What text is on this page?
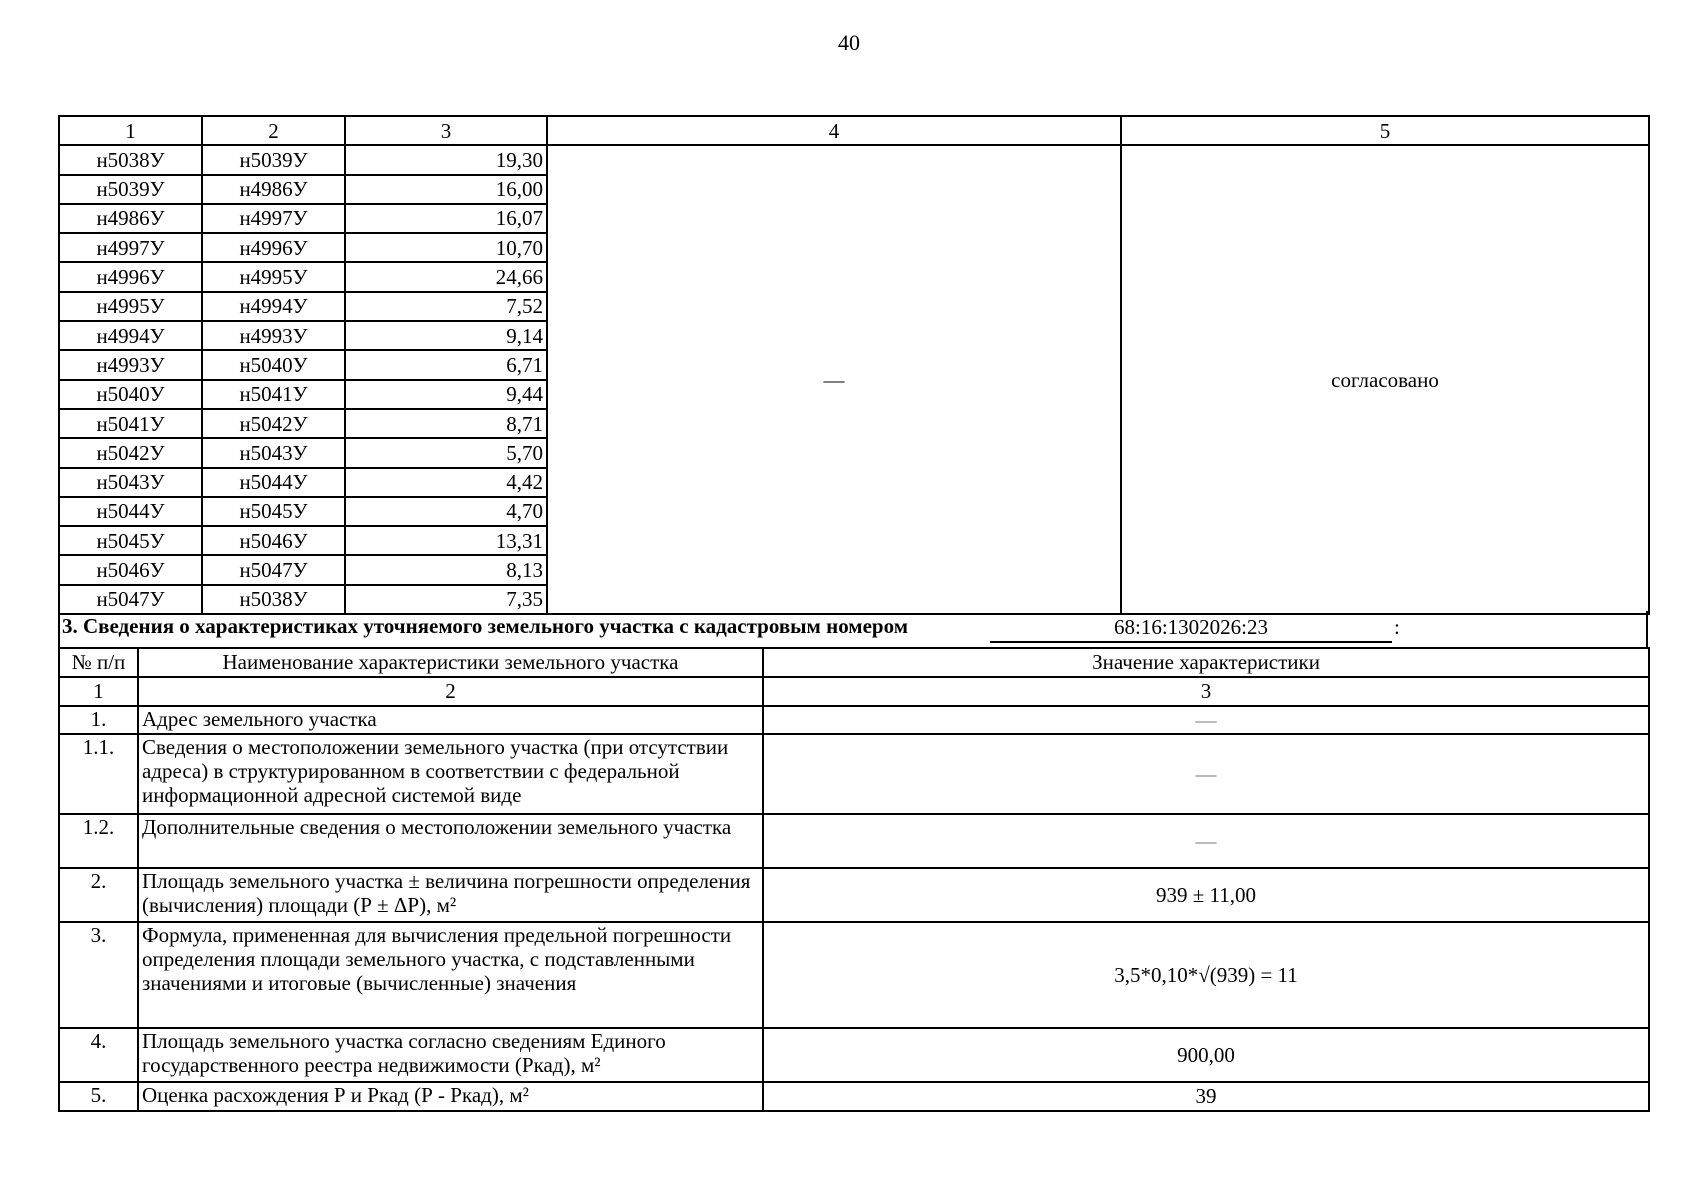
40
1	2	3	4	5
н5038У	н5039У	19,30	—	согласовано
н5039У	н4986У	16,00		
н4986У	н4997У	16,07		
н4997У	н4996У	10,70		
н4996У	н4995У	24,66		
н4995У	н4994У	7,52		
н4994У	н4993У	9,14		
н4993У	н5040У	6,71		
н5040У	н5041У	9,44		
н5041У	н5042У	8,71		
н5042У	н5043У	5,70		
н5043У	н5044У	4,42		
н5044У	н5045У	4,70		
н5045У	н5046У	13,31		
н5046У	н5047У	8,13		
н5047У	н5038У	7,35		
3. Сведения о характеристиках уточняемого земельного участка с кадастровым номером	68:16:1302026:23	:
№ п/п	Наименование характеристики земельного участка	Значение характеристики
1	2	3
1.	Адрес земельного участка	—
1.1.	Сведения о местоположении земельного участка (при отсутствии адреса) в структурированном в соответствии с федеральной информационной адресной системой виде	—
1.2.	Дополнительные сведения о местоположении земельного участка	—
2.	Площадь земельного участка ± величина погрешности определения (вычисления) площади (Р ± ΔР), м²	939 ± 11,00
3.	Формула, примененная для вычисления предельной погрешности определения площади земельного участка, с подставленными значениями и итоговые (вычисленные) значения	3,5*0,10*√(939) = 11
4.	Площадь земельного участка согласно сведениям Единого государственного реестра недвижимости (Ркад), м²	900,00
5.	Оценка расхождения Р и Ркад (Р - Ркад), м²	39
